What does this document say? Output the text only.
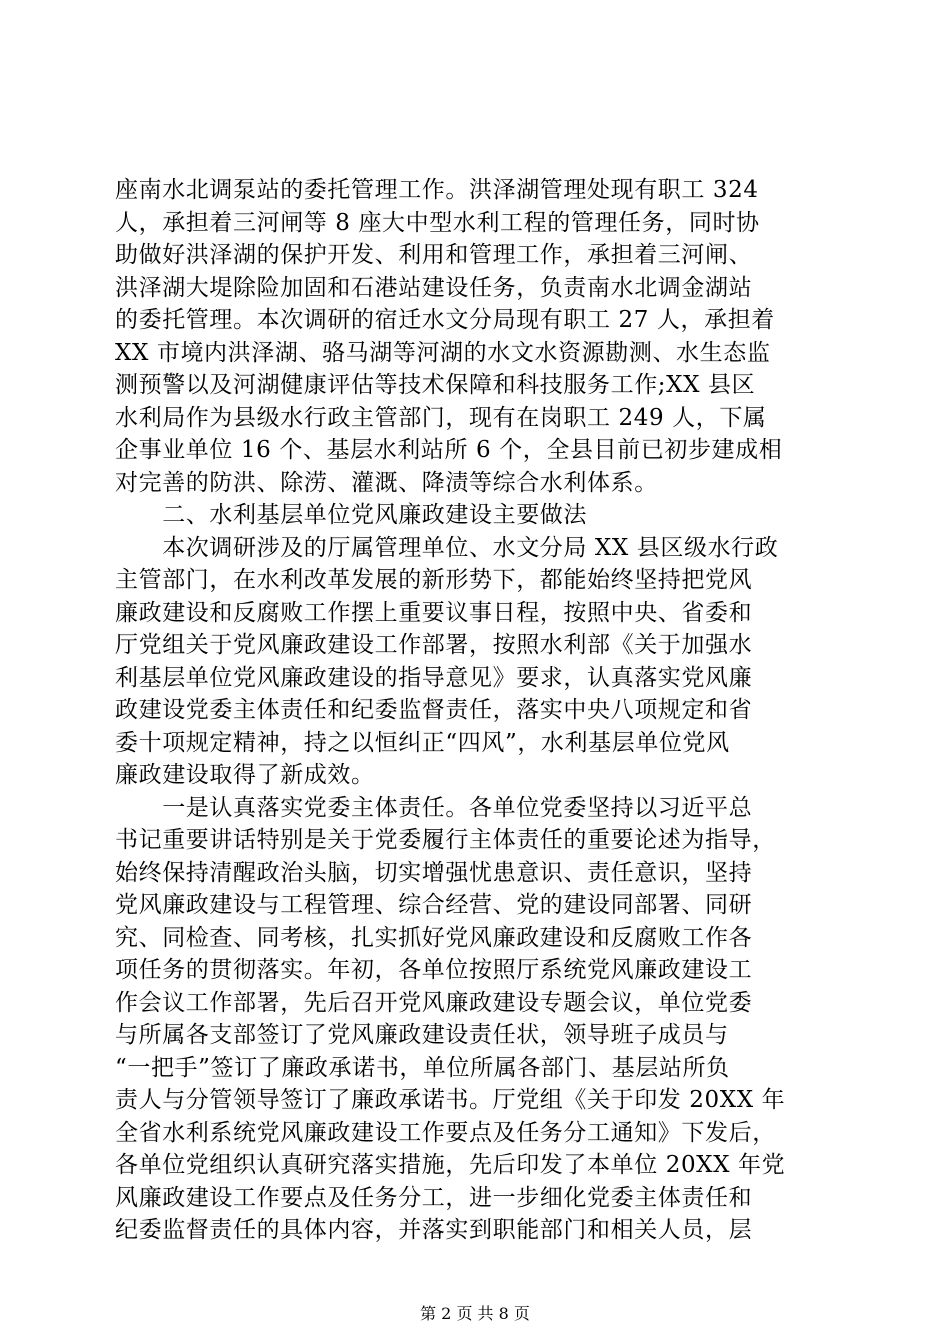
座南水北调泵站的委托管理工作。洪泽湖管理处现有职工 324
人，承担着三河闸等 8 座大中型水利工程的管理任务，同时协
助做好洪泽湖的保护开发、利用和管理工作，承担着三河闸、
洪泽湖大堤除险加固和石港站建设任务，负责南水北调金湖站
的委托管理。本次调研的宿迁水文分局现有职工 27 人，承担着
XX 市境内洪泽湖、骆马湖等河湖的水文水资源勘测、水生态监
测预警以及河湖健康评估等技术保障和科技服务工作;XX 县区
水利局作为县级水行政主管部门，现有在岗职工 249 人，下属
企事业单位 16 个、基层水利站所 6 个，全县目前已初步建成相
对完善的防洪、除涝、灌溉、降渍等综合水利体系。
　　二、水利基层单位党风廉政建设主要做法
　　本次调研涉及的厅属管理单位、水文分局 XX 县区级水行政
主管部门，在水利改革发展的新形势下，都能始终坚持把党风
廉政建设和反腐败工作摆上重要议事日程，按照中央、省委和
厅党组关于党风廉政建设工作部署，按照水利部《关于加强水
利基层单位党风廉政建设的指导意见》要求，认真落实党风廉
政建设党委主体责任和纪委监督责任，落实中央八项规定和省
委十项规定精神，持之以恒纠正“四风”，水利基层单位党风
廉政建设取得了新成效。
　　一是认真落实党委主体责任。各单位党委坚持以习近平总
书记重要讲话特别是关于党委履行主体责任的重要论述为指导，
始终保持清醒政治头脑，切实增强忧患意识、责任意识，坚持
党风廉政建设与工程管理、综合经营、党的建设同部署、同研
究、同检查、同考核，扎实抓好党风廉政建设和反腐败工作各
项任务的贯彻落实。年初，各单位按照厅系统党风廉政建设工
作会议工作部署，先后召开党风廉政建设专题会议，单位党委
与所属各支部签订了党风廉政建设责任状，领导班子成员与
“一把手”签订了廉政承诺书，单位所属各部门、基层站所负
责人与分管领导签订了廉政承诺书。厅党组《关于印发 20XX 年
全省水利系统党风廉政建设工作要点及任务分工通知》下发后，
各单位党组织认真研究落实措施，先后印发了本单位 20XX 年党
风廉政建设工作要点及任务分工，进一步细化党委主体责任和
纪委监督责任的具体内容，并落实到职能部门和相关人员，层
第 2 页 共 8 页
